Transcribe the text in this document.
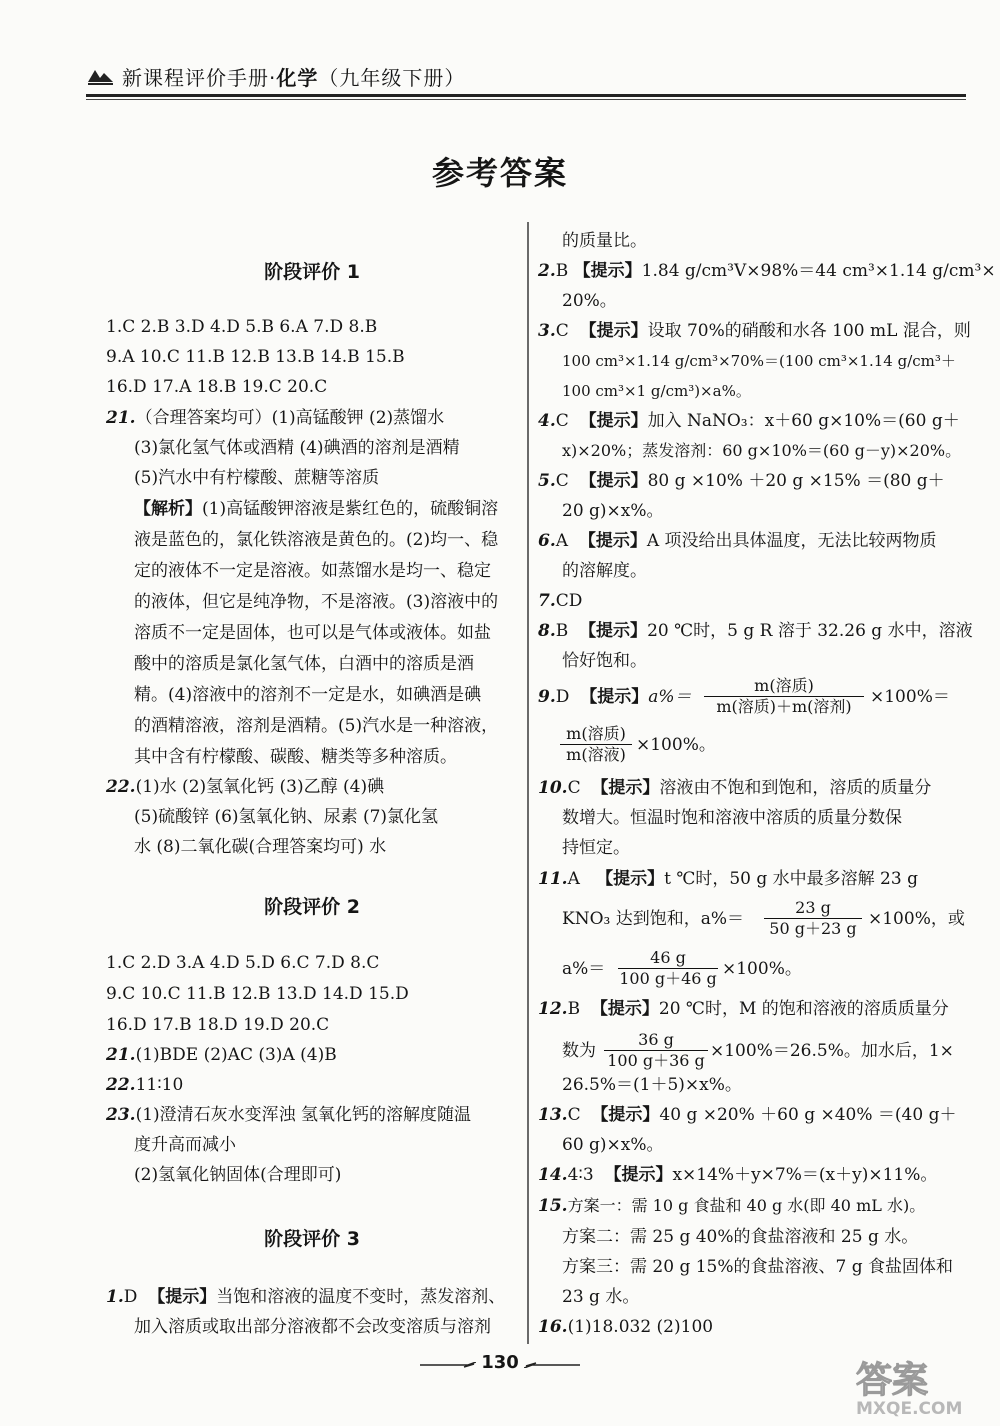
新课程评价手册·化学（九年级下册）
参考答案
阶段评价 1
1.C 2.B 3.D 4.D 5.B 6.A 7.D 8.B
9.A 10.C 11.B 12.B 13.B 14.B 15.B
16.D 17.A 18.B 19.C 20.C
21.（合理答案均可）(1)高锰酸钾 (2)蒸馏水
(3)氯化氢气体或酒精 (4)碘酒的溶剂是酒精
(5)汽水中有柠檬酸、蔗糖等溶质
【解析】(1)高锰酸钾溶液是紫红色的，硫酸铜溶
液是蓝色的，氯化铁溶液是黄色的。(2)均一、稳
定的液体不一定是溶液。如蒸馏水是均一、稳定
的液体，但它是纯净物，不是溶液。(3)溶液中的
溶质不一定是固体，也可以是气体或液体。如盐
酸中的溶质是氯化氢气体，白酒中的溶质是酒
精。(4)溶液中的溶剂不一定是水，如碘酒是碘
的酒精溶液，溶剂是酒精。(5)汽水是一种溶液，
其中含有柠檬酸、碳酸、糖类等多种溶质。
22.(1)水 (2)氢氧化钙 (3)乙醇 (4)碘
(5)硫酸锌 (6)氢氧化钠、尿素 (7)氯化氢
水 (8)二氧化碳(合理答案均可) 水
阶段评价 2
1.C 2.D 3.A 4.D 5.D 6.C 7.D 8.C
9.C 10.C 11.B 12.B 13.D 14.D 15.D
16.D 17.B 18.D 19.D 20.C
21.(1)BDE (2)AC (3)A (4)B
22.11∶10
23.(1)澄清石灰水变浑浊 氢氧化钙的溶解度随温
度升高而减小
(2)氢氧化钠固体(合理即可)
阶段评价 3
1.D 【提示】当饱和溶液的温度不变时，蒸发溶剂、
加入溶质或取出部分溶液都不会改变溶质与溶剂
的质量比。
2.B 【提示】1.84 g/cm³V×98%＝44 cm³×1.14 g/cm³×
20%。
3.C 【提示】设取 70%的硝酸和水各 100 mL 混合，则
100 cm³×1.14 g/cm³×70%＝(100 cm³×1.14 g/cm³＋
100 cm³×1 g/cm³)×a%。
4.C 【提示】加入 NaNO₃：x＋60 g×10%＝(60 g＋
x)×20%；蒸发溶剂：60 g×10%＝(60 g－y)×20%。
5.C 【提示】80 g ×10% ＋20 g ×15% ＝(80 g＋
20 g)×x%。
6.A 【提示】A 项没给出具体温度，无法比较两物质
的溶解度。
7.CD
8.B 【提示】20 ℃时，5 g R 溶于 32.26 g 水中，溶液
恰好饱和。
9.D 【提示】a%＝
m(溶质)
m(溶质)＋m(溶剂)	×100%＝
m(溶质)
m(溶液) ×100%。
10.C 【提示】溶液由不饱和到饱和，溶质的质量分
数增大。恒温时饱和溶液中溶质的质量分数保
持恒定。
11.A 【提示】t ℃时，50 g 水中最多溶解 23 g
KNO₃ 达到饱和，$a\%= \frac{23 g}{50 g+23 g} \times 100\%$，或
$a\%= \frac{46 g}{100 g+46 g} \times 100\%$。
12.B 【提示】20 ℃时，M 的饱和溶液的溶质质量分
数为 $\frac{36 g}{100 g+36 g} \times 100\%=26.5\%$。加水后，1×
26.5%＝(1＋5)×x%。
13.C 【提示】40 g ×20% ＋60 g ×40% ＝(40 g＋
60 g)×x%。
14.4∶3 【提示】x×14%＋y×7%＝(x＋y)×11%。
15.方案一：需 10 g 食盐和 40 g 水(即 40 mL 水)。
方案二：需 25 g 40%的食盐溶液和 25 g 水。
方案三：需 20 g 15%的食盐溶液、7 g 食盐固体和
23 g 水。
16.(1)18.032 (2)100
130	答案
MXQE.COM
